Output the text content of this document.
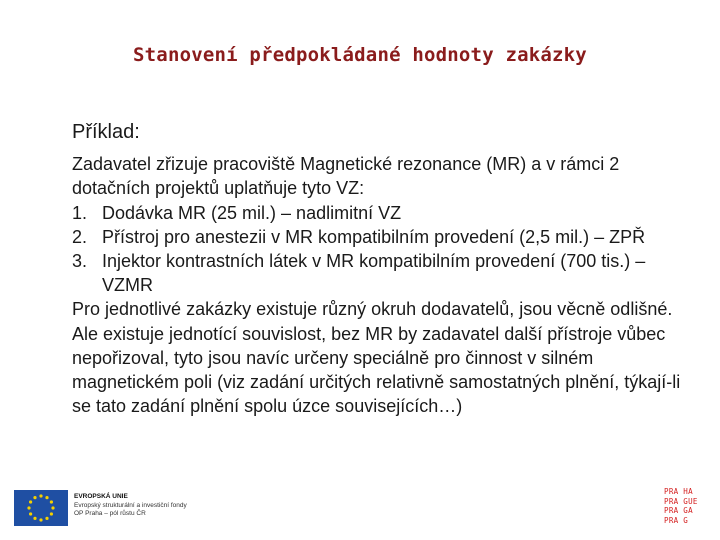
Stanovení předpokládané hodnoty zakázky
Příklad:

Zadavatel zřizuje pracoviště Magnetické rezonance (MR) a v rámci 2 dotačních projektů uplatňuje tyto VZ:

1. Dodávka MR (25 mil.) – nadlimitní VZ
2. Přístroj pro anestezii v MR kompatibilním provedení (2,5 mil.) – ZPŘ
3. Injektor kontrastních látek v MR kompatibilním provedení (700 tis.) – VZMR

Pro jednotlivé zakázky existuje různý okruh dodavatelů, jsou věcně odlišné. Ale existuje jednotící souvislost, bez MR by zadavatel další přístroje vůbec nepořizoval, tyto jsou navíc určeny speciálně pro činnost v silném magnetickém poli (viz zadání určitých relativně samostatných plnění, týkají-li se tato zadání plnění spolu úzce souvisejících…)

EVROPSKÁ UNIE
Evropský strukturální a investiční fondy
OP Praha – pól růstu ČR
PRA HA
PRA GUE
PRA GA
PRA G
